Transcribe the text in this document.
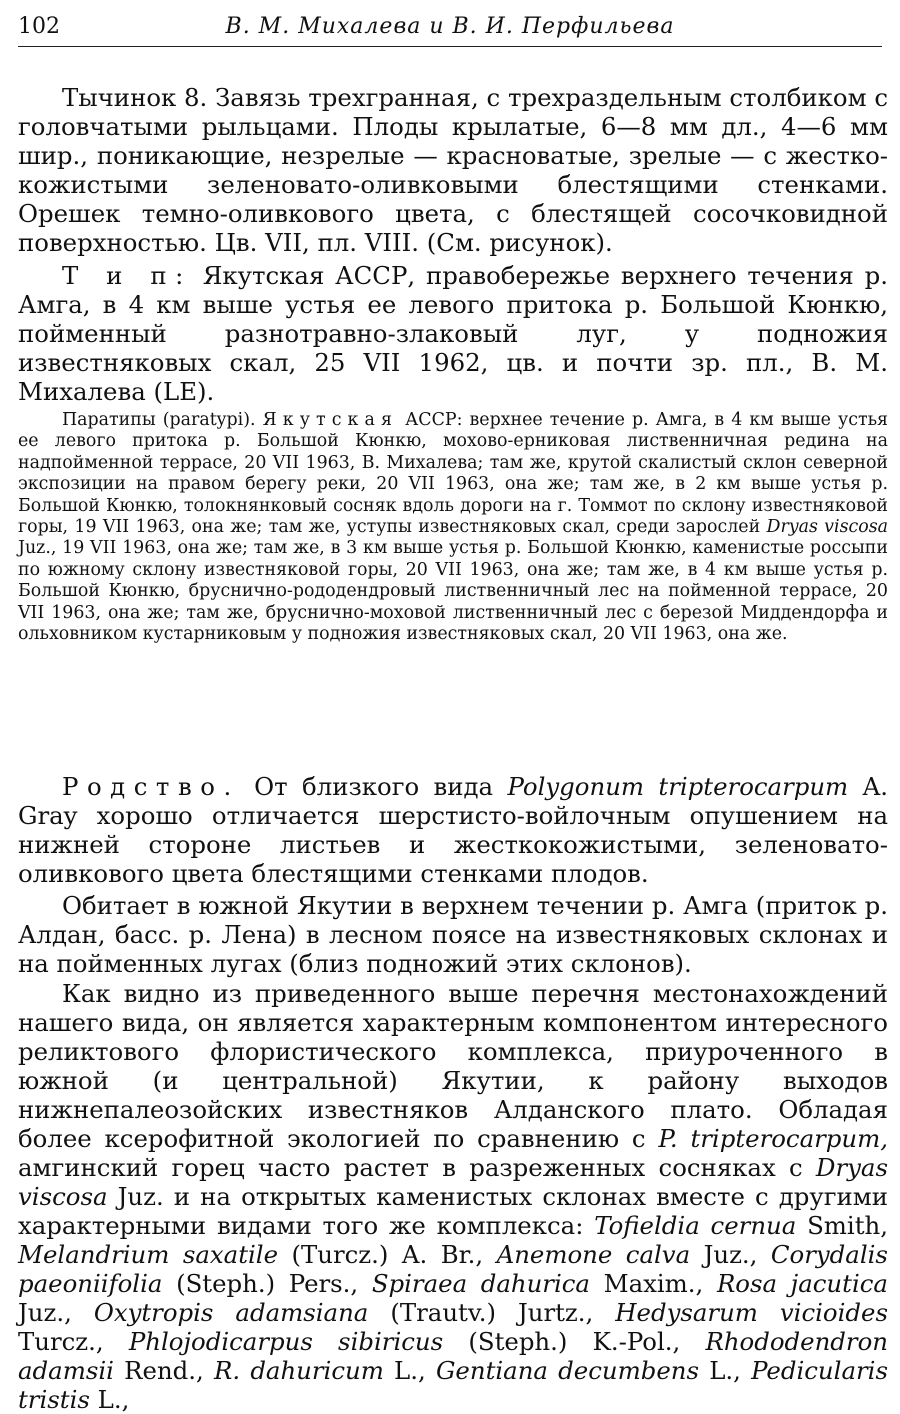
102	В. М. Михалева и В. И. Перфильева

Тычинок 8. Завязь трехгранная, с трехраздельным столбиком с головчатыми рыльцами. Плоды крылатые, 6—8 мм дл., 4—6 мм шир., поникающие, незрелые — красноватые, зрелые — с жестко-кожистыми зеленовато-оливковыми блестящими стенками. Орешек темно-оливкового цвета, с блестящей сосочковидной поверхностью. Цв. VII, пл. VIII. (См. рисунок).

Т и п: Якутская АССР, правобережье верхнего течения р. Амга, в 4 км выше устья ее левого притока р. Большой Кюнкю, пойменный разнотравно-злаковый луг, у подножия известняковых скал, 25 VII 1962, цв. и почти зр. пл., В. М. Михалева (LE).

Паратипы (paratypi). Якутская АССР: верхнее течение р. Амга, в 4 км выше устья ее левого притока р. Большой Кюнкю, мохово-ерниковая лиственничная редина на надпойменной террасе, 20 VII 1963, В. Михалева; там же, крутой скалистый склон северной экспозиции на правом берегу реки, 20 VII 1963, она же; там же, в 2 км выше устья р. Большой Кюнкю, толокнянковый сосняк вдоль дороги на г. Томмот по склону известняковой горы, 19 VII 1963, она же; там же, уступы известняковых скал, среди зарослей Dryas viscosa Juz., 19 VII 1963, она же; там же, в 3 км выше устья р. Большой Кюнкю, каменистые россыпи по южному склону известняковой горы, 20 VII 1963, она же; там же, в 4 км выше устья р. Большой Кюнкю, брусничнo-рододендровый лиственничный лес на пойменной террасе, 20 VII 1963, она же; там же, бруснично-моховой лиственничный лес с березой Миддендорфа и ольховником кустарниковым у подножия известняковых скал, 20 VII 1963, она же.

Родство. От близкого вида Polygonum tripterocarpum A. Gray хорошо отличается шерстисто-войлочным опушением на нижней стороне листьев и жесткокожистыми, зеленовато-оливкового цвета блестящими стенками плодов.

Обитает в южной Якутии в верхнем течении р. Амга (приток р. Алдан, басс. р. Лена) в лесном поясе на известняковых склонах и на пойменных лугах (близ подножий этих склонов).

Как видно из приведенного выше перечня местонахождений нашего вида, он является характерным компонентом интересного реликтового флористического комплекса, приуроченного в южной (и центральной) Якутии, к району выходов нижнепалеозойских известняков Алданского плато. Обладая более ксерофитной экологией по сравнению с P. tripterocarpum, амгинский горец часто растет в разреженных сосняках с Dryas viscosa Juz. и на открытых каменистых склонах вместе с другими характерными видами того же комплекса: Tofieldia cernua Smith, Melandrium saxatile (Turcz.) A. Br., Anemone calva Juz., Corydalis paeoniifolia (Steph.) Pers., Spiraea dahurica Maxim., Rosa jacutica Juz., Oxytropis adamsiana (Trautv.) Jurtz., Hedysarum vicioides Turcz., Phlojodicarpus sibiricus (Steph.) K.-Pol., Rhododendron adamsii Rend., R. dahuricum L., Gentiana decumbens L., Pedicularis tristis L.,
